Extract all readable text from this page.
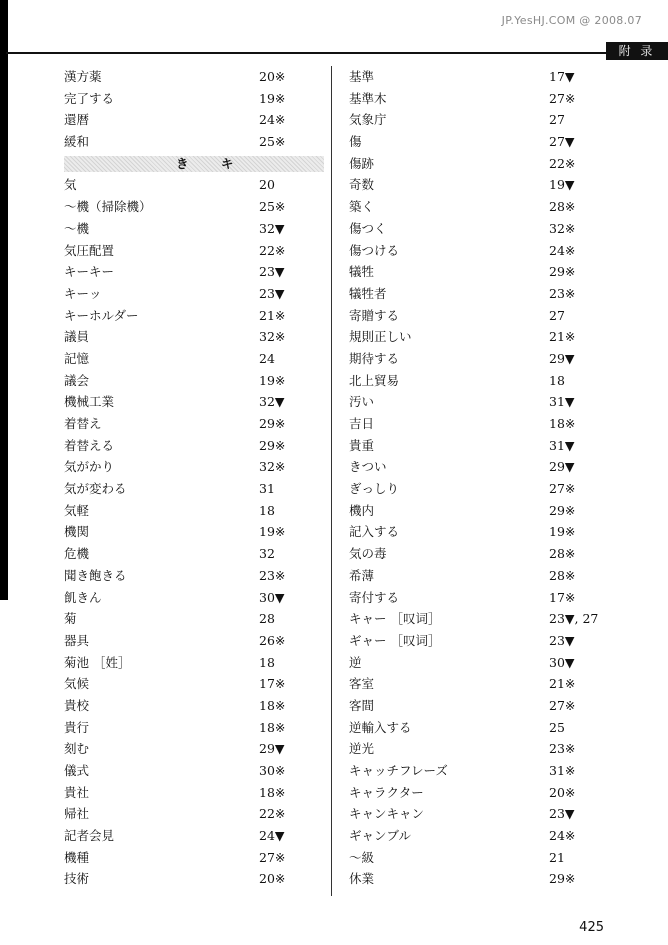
JP.YesHJ.COM @ 2008.07
附 录
漢方薬	20※
完了する	19※
還暦	24※
緩和	25※
き キ
気	20
～機（掃除機）	25※
～機	32▼
気圧配置	22※
キーキー	23▼
キーッ	23▼
キーホルダー	21※
議員	32※
記憶	24
議会	19※
機械工業	32▼
着替え	29※
着替える	29※
気がかり	32※
気が変わる	31
気軽	18
機関	19※
危機	32
聞き飽きる	23※
飢きん	30▼
菊	28
器具	26※
菊池 ［姓］	18
気候	17※
貴校	18※
貴行	18※
刻む	29▼
儀式	30※
貴社	18※
帰社	22※
記者会見	24▼
機種	27※
技術	20※
基準	17▼
基準木	27※
気象庁	27
傷	27▼
傷跡	22※
奇数	19▼
築く	28※
傷つく	32※
傷つける	24※
犠牲	29※
犠牲者	23※
寄贈する	27
規則正しい	21※
期待する	29▼
北上貿易	18
汚い	31▼
吉日	18※
貴重	31▼
きつい	29▼
ぎっしり	27※
機内	29※
記入する	19※
気の毒	28※
希薄	28※
寄付する	17※
キャー ［叹词］	23▼, 27
ギャー ［叹词］	23▼
逆	30▼
客室	21※
客間	27※
逆輸入する	25
逆光	23※
キャッチフレーズ	31※
キャラクター	20※
キャンキャン	23▼
ギャンブル	24※
～級	21
休業	29※
425
